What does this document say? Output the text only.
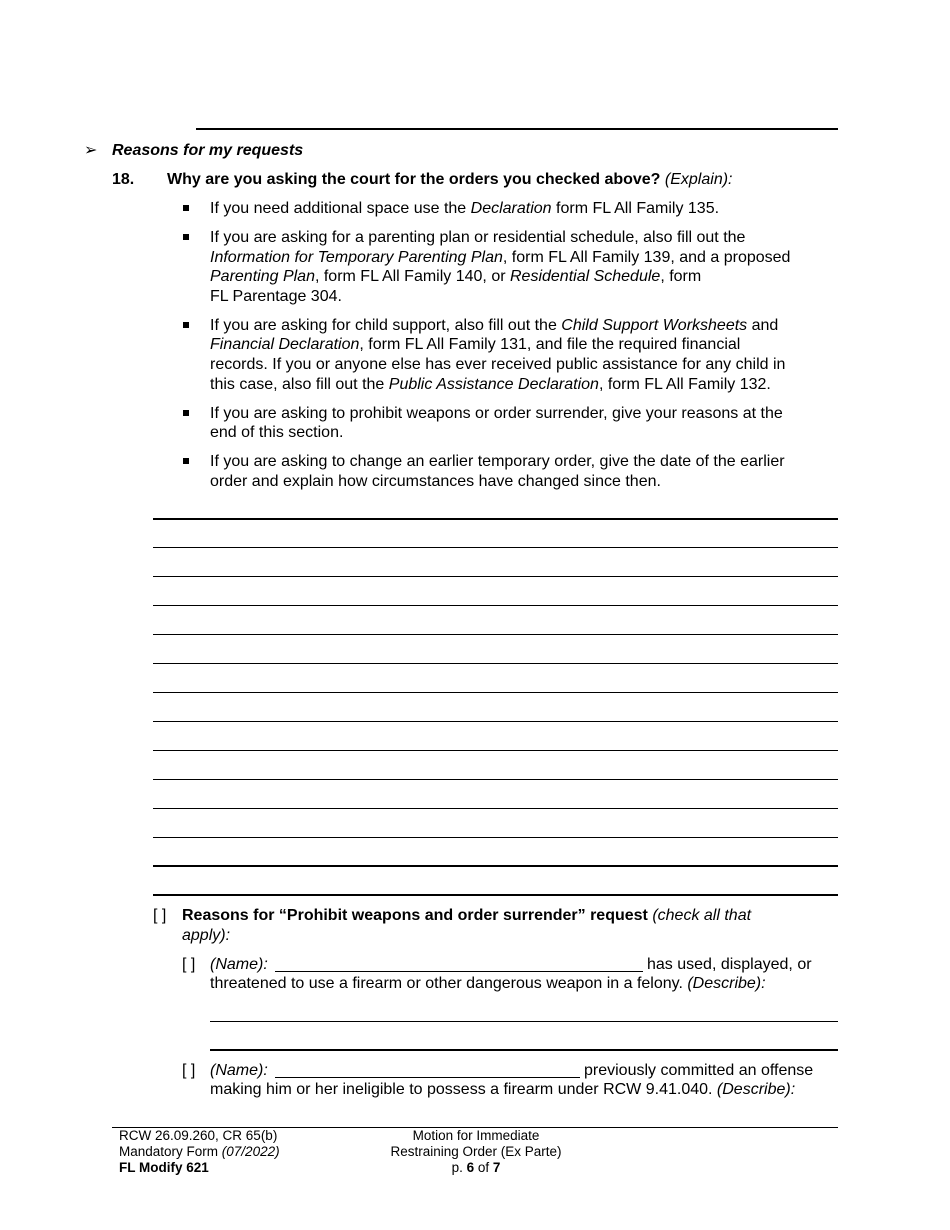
➢ Reasons for my requests
18. Why are you asking the court for the orders you checked above? (Explain):
If you need additional space use the Declaration form FL All Family 135.
If you are asking for a parenting plan or residential schedule, also fill out the
Information for Temporary Parenting Plan, form FL All Family 139, and a proposed
Parenting Plan, form FL All Family 140, or Residential Schedule, form
FL Parentage 304.
If you are asking for child support, also fill out the Child Support Worksheets and
Financial Declaration, form FL All Family 131, and file the required financial
records. If you or anyone else has ever received public assistance for any child in
this case, also fill out the Public Assistance Declaration, form FL All Family 132.
If you are asking to prohibit weapons or order surrender, give your reasons at the
end of this section.
If you are asking to change an earlier temporary order, give the date of the earlier
order and explain how circumstances have changed since then.
[ ] Reasons for “Prohibit weapons and order surrender” request (check all that
apply):
[ ] (Name):	has used, displayed, or
threatened to use a firearm or other dangerous weapon in a felony. (Describe):
[ ] (Name):	previously committed an offense
making him or her ineligible to possess a firearm under RCW 9.41.040. (Describe):
RCW 26.09.260, CR 65(b)
Mandatory Form (07/2022)
FL Modify 621
Motion for Immediate
Restraining Order (Ex Parte)
p. 6 of 7
